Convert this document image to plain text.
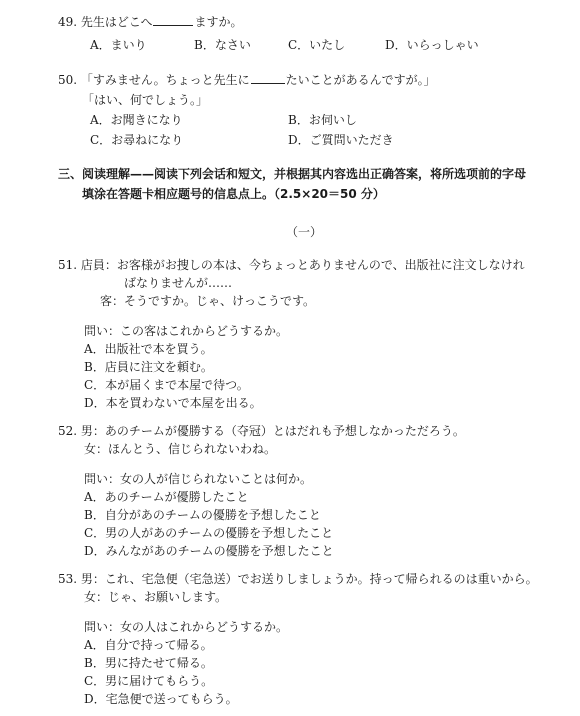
49. 先生はどこへ	ますか。
A．まいり	B．なさい	C．いたし	D．いらっしゃい
50. 「すみません。ちょっと先生に	たいことがあるんですが。」
「はい、何でしょう。」
A．お聞きになり	B．お伺いし
C．お尋ねになり	D．ご質問いただき
三、阅读理解——阅读下列会话和短文，并根据其内容选出正确答案，将所选项前的字母
填涂在答题卡相应题号的信息点上。（2.5×20＝50 分）
（一）
51. 店員：お客様がお捜しの本は、今ちょっとありませんので、出版社に注文しなけれ
ばなりませんが……
客：そうですか。じゃ、けっこうです。
問い：この客はこれからどうするか。
A．出版社で本を買う。
B．店員に注文を頼む。
C．本が届くまで本屋で待つ。
D．本を買わないで本屋を出る。
52. 男：あのチームが優勝する（夺冠）とはだれも予想しなかっただろう。
女：ほんとう、信じられないわね。
問い：女の人が信じられないことは何か。
A．あのチームが優勝したこと
B．自分があのチームの優勝を予想したこと
C．男の人があのチームの優勝を予想したこと
D．みんながあのチームの優勝を予想したこと
53. 男：これ、宅急便（宅急送）でお送りしましょうか。持って帰られるのは重いから。
女：じゃ、お願いします。
問い：女の人はこれからどうするか。
A．自分で持って帰る。
B．男に持たせて帰る。
C．男に届けてもらう。
D．宅急便で送ってもらう。
